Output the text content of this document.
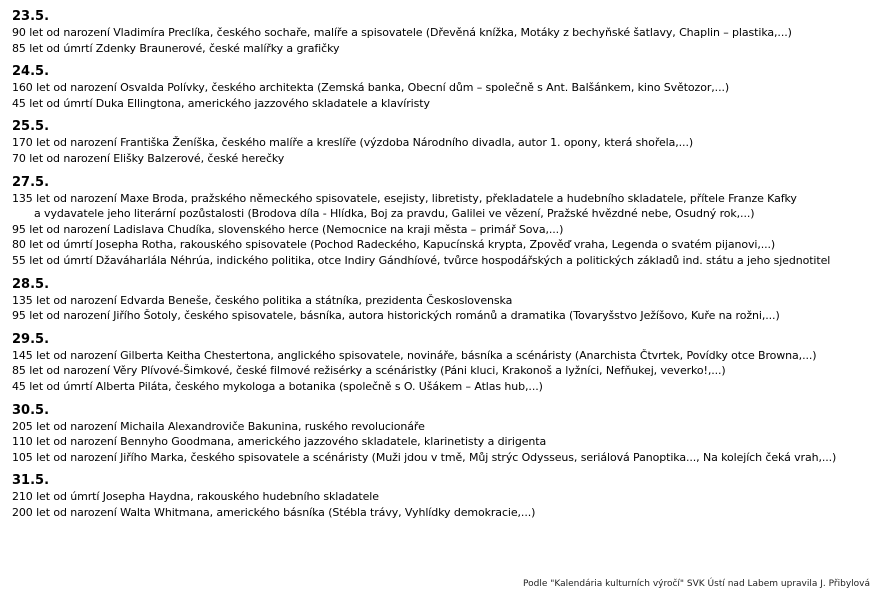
23.5.
90 let od narození Vladimíra Preclíka, českého sochaře, malíře a spisovatele (Dřevěná knížka, Motáky z bechyňské šatlavy, Chaplin – plastika,...)
85 let od úmrtí Zdenky Braunerové, české malířky a grafičky
24.5.
160 let od narození Osvalda Polívky, českého architekta (Zemská banka, Obecní dům – společně s Ant. Balšánkem, kino Světozor,...)
45 let od úmrtí Duka Ellingtona, amerického jazzového skladatele a klavíristy
25.5.
170 let od narození Františka Ženíška, českého malíře a kreslíře (výzdoba Národního divadla, autor 1. opony, která shořela,...)
70 let od narození Elišky Balzerové, české herečky
27.5.
135 let od narození Maxe Broda, pražského německého spisovatele, esejisty, libretisty, překladatele a hudebního skladatele, přítele Franze Kafky
a vydavatele jeho literární pozůstalosti (Brodova díla - Hlídka, Boj za pravdu, Galilei ve vězení, Pražské hvězdné nebe, Osudný rok,...)
95 let od narození Ladislava Chudíka, slovenského herce (Nemocnice na kraji města – primář Sova,...)
80 let od úmrtí Josepha Rotha, rakouského spisovatele (Pochod Radeckého, Kapucínská krypta, Zpověď vraha, Legenda o svatém pijanovi,...)
55 let od úmrtí Džaváharlála Néhrúa, indického politika, otce Indiry Gándhíové, tvůrce hospodářských a politických základů ind. státu a jeho sjednotitel
28.5.
135 let od narození Edvarda Beneše, českého politika a státníka, prezidenta Československa
95 let od narození Jiřího Šotoly, českého spisovatele, básníka, autora historických románů a dramatika (Tovaryšstvo Ježíšovo, Kuře na rožni,...)
29.5.
145 let od narození Gilberta Keitha Chestertona, anglického spisovatele, novináře, básníka a scénáristy (Anarchista Čtvrtek, Povídky otce Browna,...)
85 let od narození Věry Plívové-Šimkové, české filmové režisérky a scénáristky (Páni kluci, Krakonoš a lyžníci, Nefňukej, veverko!,...)
45 let od úmrtí Alberta Piláta, českého mykologa a botanika (společně s O. Ušákem – Atlas hub,...)
30.5.
205 let od narození Michaila Alexandroviče Bakunina, ruského revolucionáře
110 let od narození Bennyho Goodmana, amerického jazzového skladatele, klarinetisty a dirigenta
105 let od narození Jiřího Marka, českého spisovatele a scénáristy (Muži jdou v tmě, Můj strýc Odysseus, seriálová Panoptika..., Na kolejích čeká vrah,...)
31.5.
210 let od úmrtí Josepha Haydna, rakouského hudebního skladatele
200 let od narození Walta Whitmana, amerického básníka (Stébla trávy, Vyhlídky demokracie,...)
Podle "Kalendária kulturních výročí" SVK Ústí nad Labem upravila J. Přibylová
